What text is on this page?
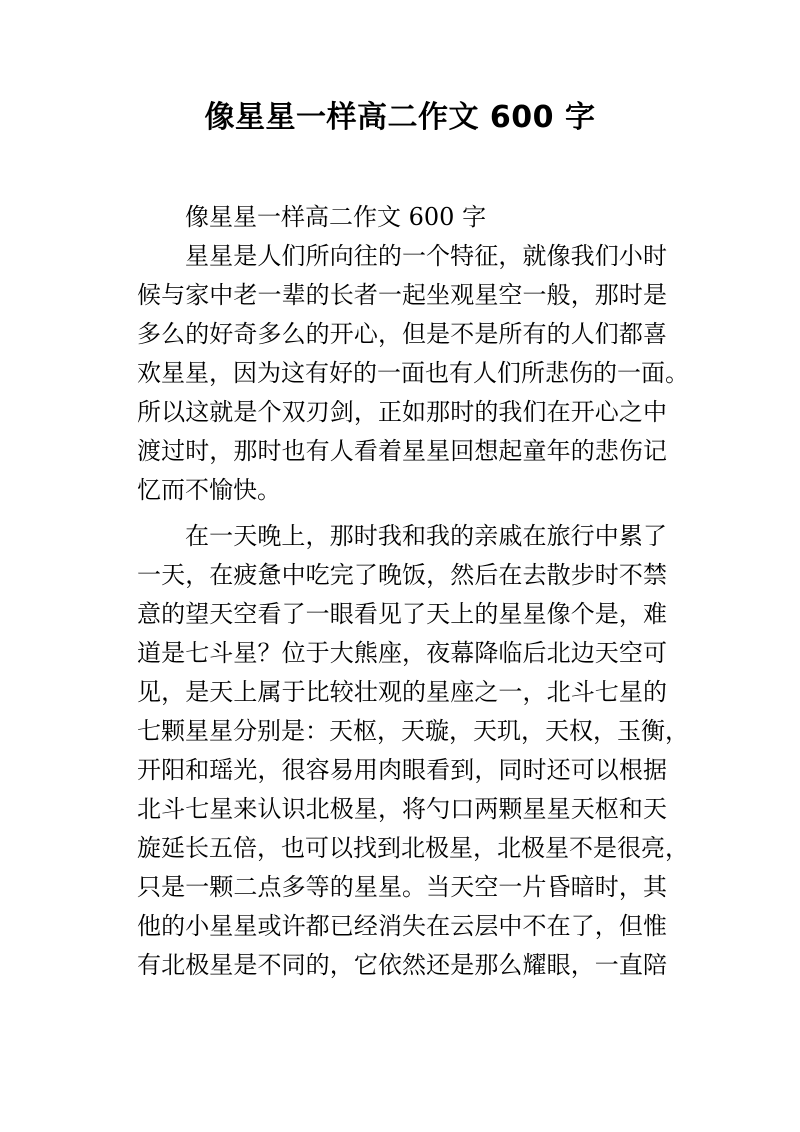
像星星一样高二作文 600 字
像星星一样高二作文 600 字
星星是人们所向往的一个特征，就像我们小时
候与家中老一辈的长者一起坐观星空一般，那时是
多么的好奇多么的开心，但是不是所有的人们都喜
欢星星，因为这有好的一面也有人们所悲伤的一面。
所以这就是个双刃剑，正如那时的我们在开心之中
渡过时，那时也有人看着星星回想起童年的悲伤记
忆而不愉快。
在一天晚上，那时我和我的亲戚在旅行中累了
一天，在疲惫中吃完了晚饭，然后在去散步时不禁
意的望天空看了一眼看见了天上的星星像个是，难
道是七斗星？位于大熊座，夜幕降临后北边天空可
见，是天上属于比较壮观的星座之一，北斗七星的
七颗星星分别是：天枢，天璇，天玑，天权，玉衡，
开阳和瑶光，很容易用肉眼看到，同时还可以根据
北斗七星来认识北极星，将勺口两颗星星天枢和天
旋延长五倍，也可以找到北极星，北极星不是很亮，
只是一颗二点多等的星星。当天空一片昏暗时，其
他的小星星或许都已经消失在云层中不在了，但惟
有北极星是不同的，它依然还是那么耀眼，一直陪
